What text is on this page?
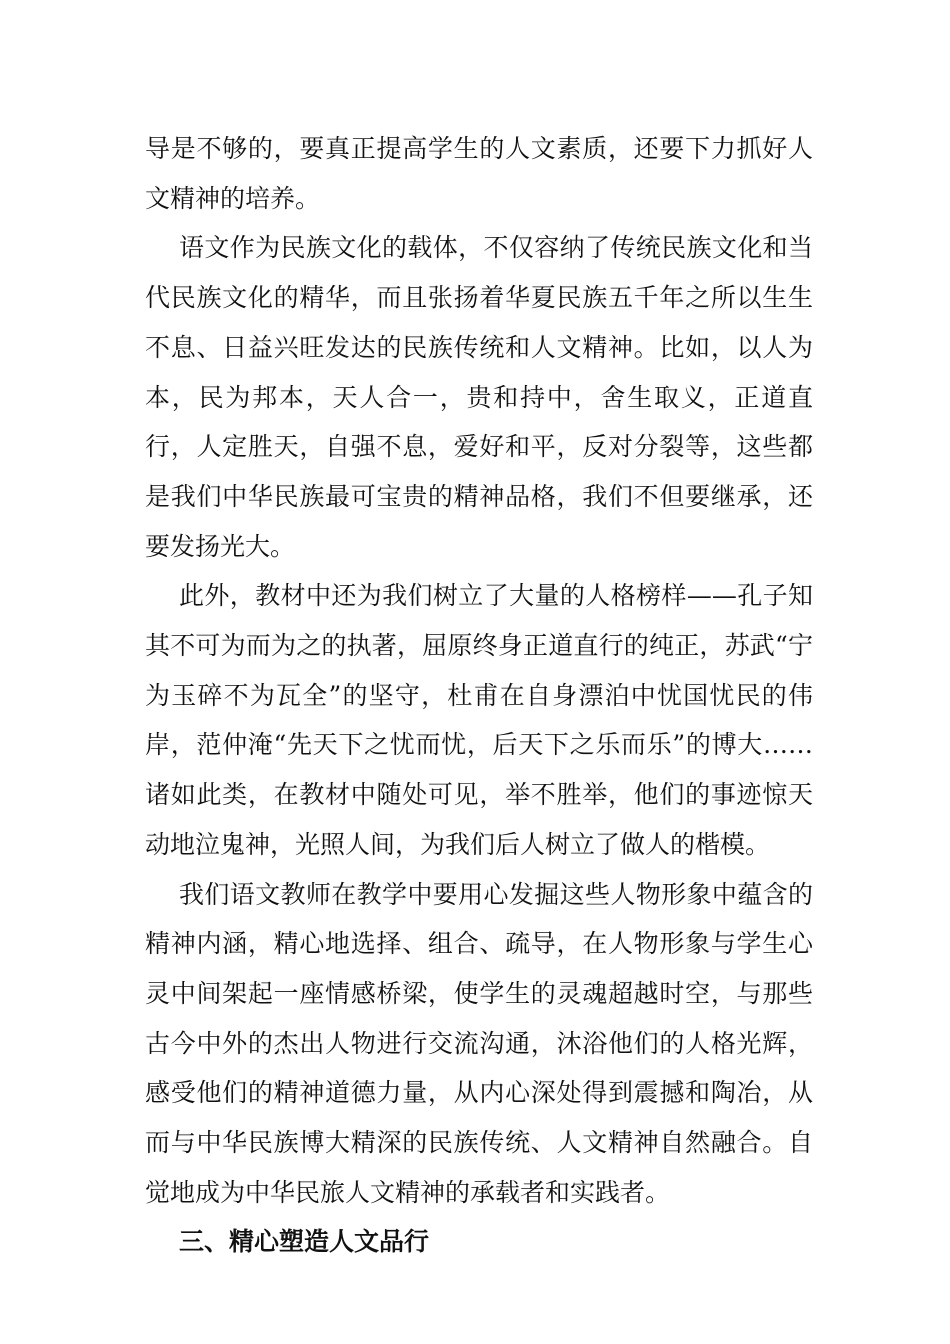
导是不够的，要真正提高学生的人文素质，还要下力抓好人文精神的培养。

语文作为民族文化的载体，不仅容纳了传统民族文化和当代民族文化的精华，而且张扬着华夏民族五千年之所以生生不息、日益兴旺发达的民族传统和人文精神。比如，以人为本，民为邦本，天人合一，贵和持中，舍生取义，正道直行，人定胜天，自强不息，爱好和平，反对分裂等，这些都是我们中华民族最可宝贵的精神品格，我们不但要继承，还要发扬光大。

此外，教材中还为我们树立了大量的人格榜样——孔子知其不可为而为之的执著，屈原终身正道直行的纯正，苏武“宁为玉碎不为瓦全”的坚守，杜甫在自身漂泊中忧国忧民的伟岸，范仲淹“先天下之忧而忧，后天下之乐而乐”的博大……诸如此类，在教材中随处可见，举不胜举，他们的事迹惊天动地泣鬼神，光照人间，为我们后人树立了做人的楷模。

我们语文教师在教学中要用心发掘这些人物形象中蕴含的精神内涵，精心地选择、组合、疏导，在人物形象与学生心灵中间架起一座情感桥梁，使学生的灵魂超越时空，与那些古今中外的杰出人物进行交流沟通，沐浴他们的人格光辉，感受他们的精神道德力量，从内心深处得到震撼和陶冶，从而与中华民族博大精深的民族传统、人文精神自然融合。自觉地成为中华民旅人文精神的承载者和实践者。

三、精心塑造人文品行
